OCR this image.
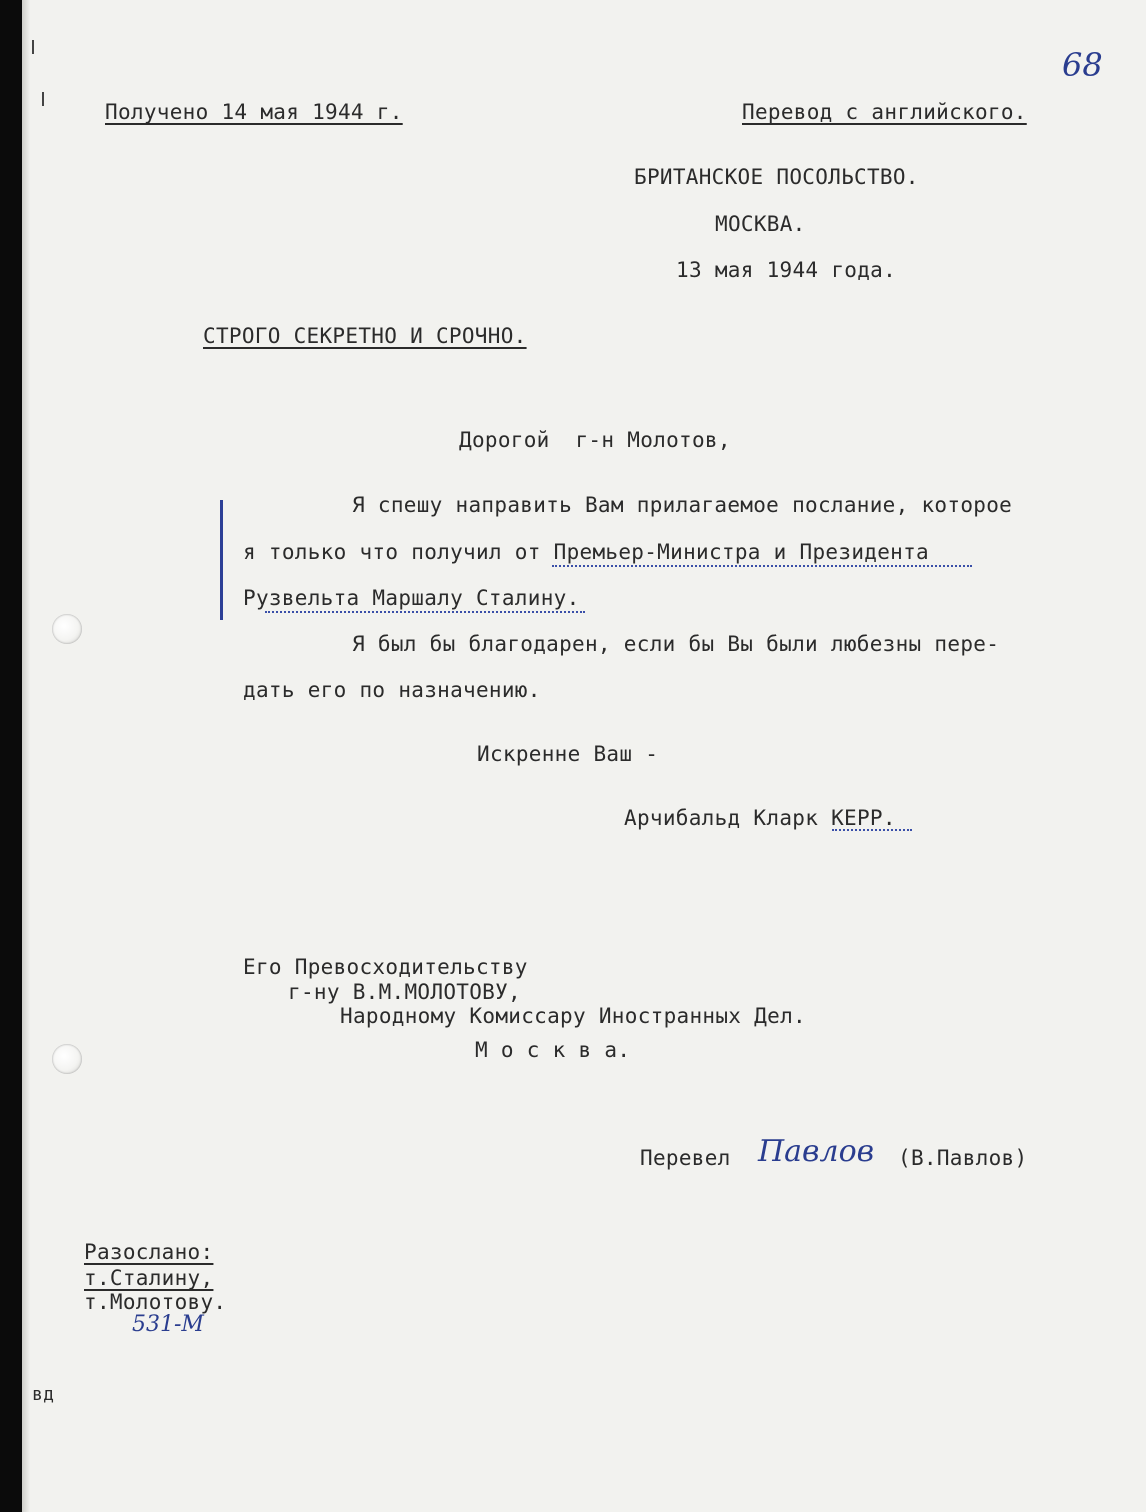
68
Получено 14 мая 1944 г.	Перевод с английского.
БРИТАНСКОЕ ПОСОЛЬСТВО.
МОСКВА.
13 мая 1944 года.
СТРОГО СЕКРЕТНО И СРОЧНО.
Дорогой  г-н Молотов,
Я спешу направить Вам прилагаемое послание, которое
я только что получил от Премьер-Министра и Президента
Рузвельта Маршалу Сталину.
Я был бы благодарен, если бы Вы были любезны пере-
дать его по назначению.
Искренне Ваш -
Арчибальд Кларк КЕРР.
Его Превосходительству
г-ну В.М.МОЛОТОВУ,
Народному Комиссару Иностранных Дел.
М о с к в а.
Перевел Павлов (В.Павлов)
Разослано:
т.Сталину,
т.Молотову.
531-М
вд
